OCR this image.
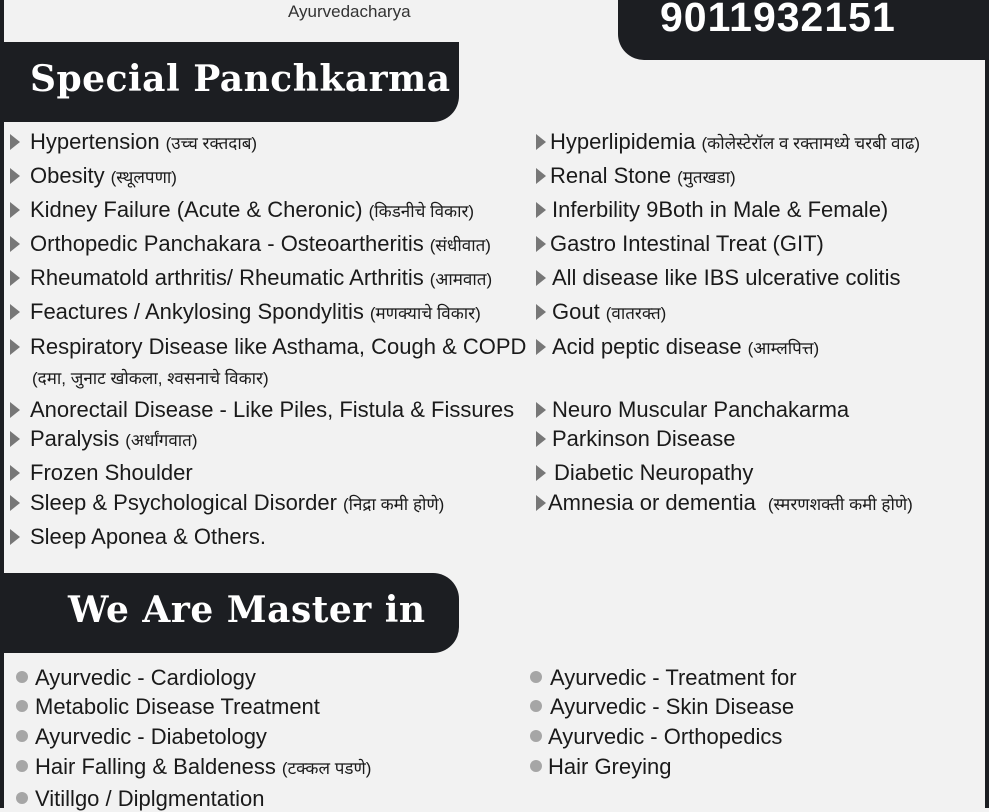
Ayurvedacharya	9011932151
Special Panchkarma
Hypertension (उच्च रक्तदाब)
Obesity (स्थूलपणा)
Kidney Failure (Acute & Cheronic) (किडनीचे विकार)
Orthopedic Panchakara - Osteoartheritis (संधीवात)
Rheumatold arthritis/ Rheumatic Arthritis (आमवात)
Feactures / Ankylosing Spondylitis (मणक्याचे विकार)
Respiratory Disease like Asthama, Cough & COPD
(दमा, जुनाट खोकला, श्वसनाचे विकार)
Anorectail Disease - Like Piles, Fistula & Fissures
Paralysis (अर्धांगवात)
Frozen Shoulder
Sleep & Psychological Disorder (निद्रा कमी होणे)
Sleep Aponea & Others.
Hyperlipidemia (कोलेस्टेरॉल व रक्तामध्ये चरबी वाढ)
Renal Stone (मुतखडा)
Inferbility 9Both in Male & Female)
Gastro Intestinal Treat (GIT)
All disease like IBS ulcerative colitis
Gout (वातरक्त)
Acid peptic disease (आम्लपित्त)
Neuro Muscular Panchakarma
Parkinson Disease
Diabetic Neuropathy
Amnesia or dementia (स्मरणशक्ती कमी होणे)
We Are Master in
Ayurvedic - Cardiology
Metabolic Disease Treatment
Ayurvedic - Diabetology
Hair Falling & Baldeness (टक्कल पडणे)
Vitillgo / Diplgmentation
Ayurvedic - Treatment for
Ayurvedic - Skin Disease
Ayurvedic - Orthopedics
Hair Greying
